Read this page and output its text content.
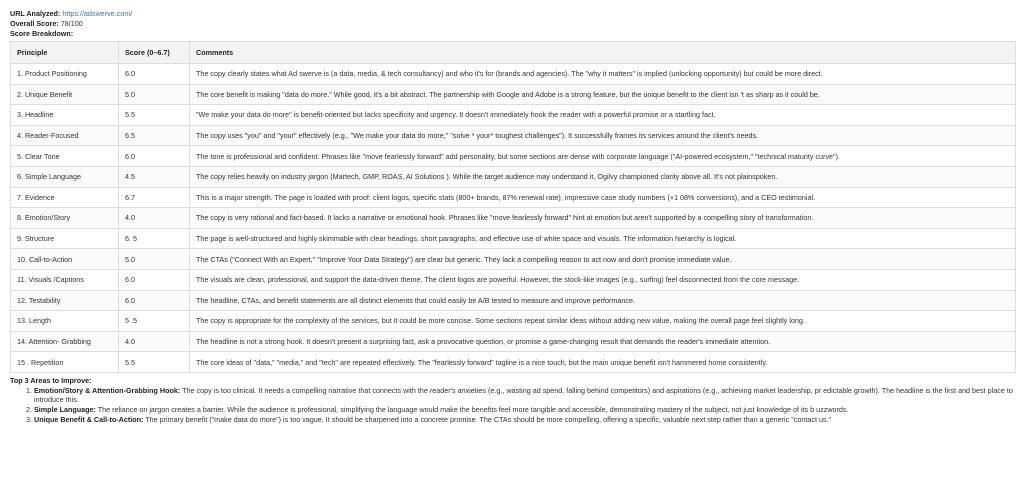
URL Analyzed: https://adswerve.com/
Overall Score: 78/100
Score Breakdown:
Principle	Score (0–6.7)	Comments
1. Product Positioning	6.0	The copy clearly states what Ad swerve is (a data, media, & tech consultancy) and who it's for (brands and agencies). The "why it matters" is implied (unlocking opportunity) but could be more direct.
2. Unique Benefit	5.0	The core benefit is making "data do more." While good, it's a bit abstract. The partnership with Google and Adobe is a strong feature, but the unique benefit to the client isn 't as sharp as it could be.
3. Headline	5.5	"We make your data do more" is benefit-oriented but lacks specificity and urgency. It doesn't immediately hook the reader with a powerful promise or a startling fact.
4. Reader-Focused	6.5	The copy uses "you" and "your" effectively (e.g., "We make your data do more," "solve * your* toughest challenges"). It successfully frames its services around the client's needs.
5. Clear Tone	6.0	The tone is professional and confident. Phrases like "move fearlessly forward" add personality, but some sections are dense with corporate language ("AI-powered ecosystem," "technical maturity curve").
6. Simple Language	4.5	The copy relies heavily on industry jargon (Martech, GMP, ROAS, AI Solutions ). While the target audience may understand it, Ogilvy championed clarity above all. It's not plainspoken.
7. Evidence	6.7	This is a major strength. The page is loaded with proof: client logos, specific stats (800+ brands, 87% renewal rate), impressive case study numbers (+1 08% conversions), and a CEO testimonial.
8. Emotion/Story	4.0	The copy is very rational and fact-based. It lacks a narrative or emotional hook. Phrases like "move fearlessly forward" hint at emotion but aren't supported by a compelling story of transformation.
9. Structure	6. 5	The page is well-structured and highly skimmable with clear headings, short paragraphs, and effective use of white space and visuals. The information hierarchy is logical.
10. Call-to-Action	5.0	The CTAs ("Connect With an Expert," "Improve Your Data Strategy") are clear but generic. They lack a compelling reason to act now and don't promise immediate value.
11. Visuals /Captions	6.0	The visuals are clean, professional, and support the data-driven theme. The client logos are powerful. However, the stock-like images (e.g., surfing) feel disconnected from the core message.
12. Testability	6.0	The headline, CTAs, and benefit statements are all distinct elements that could easily be A/B tested to measure and improve performance.
13. Length	5 .5	The copy is appropriate for the complexity of the services, but it could be more concise. Some sections repeat similar ideas without adding new value, making the overall page feel slightly long.
14. Attention- Grabbing	4.0	The headline is not a strong hook. It doesn't present a surprising fact, ask a provocative question, or promise a game-changing result that demands the reader's immediate attention.
15 . Repetition	5.5	The core ideas of "data," "media," and "tech" are repeated effectively. The "fearlessly forward" tagline is a nice touch, but the main unique benefit isn't hammered home consistently.
Top 3 Areas to Improve:
1. Emotion/Story & Attention-Grabbing Hook: The copy is too clinical. It needs a compelling narrative that connects with the reader's anxieties (e.g., wasting ad spend, falling behind competitors) and aspirations (e.g., achieving market leadership, pr edictable growth). The headline is the first and best place to introduce this.
2. Simple Language: The reliance on jargon creates a barrier. While the audience is professional, simplifying the language would make the benefits feel more tangible and accessible, demonstrating mastery of the subject, not just knowledge of its b uzzwords.
3. Unique Benefit & Call-to-Action: The primary benefit ("make data do more") is too vague. It should be sharpened into a concrete promise. The CTAs should be more compelling, offering a specific, valuable next step rather than a generic "contact us."
